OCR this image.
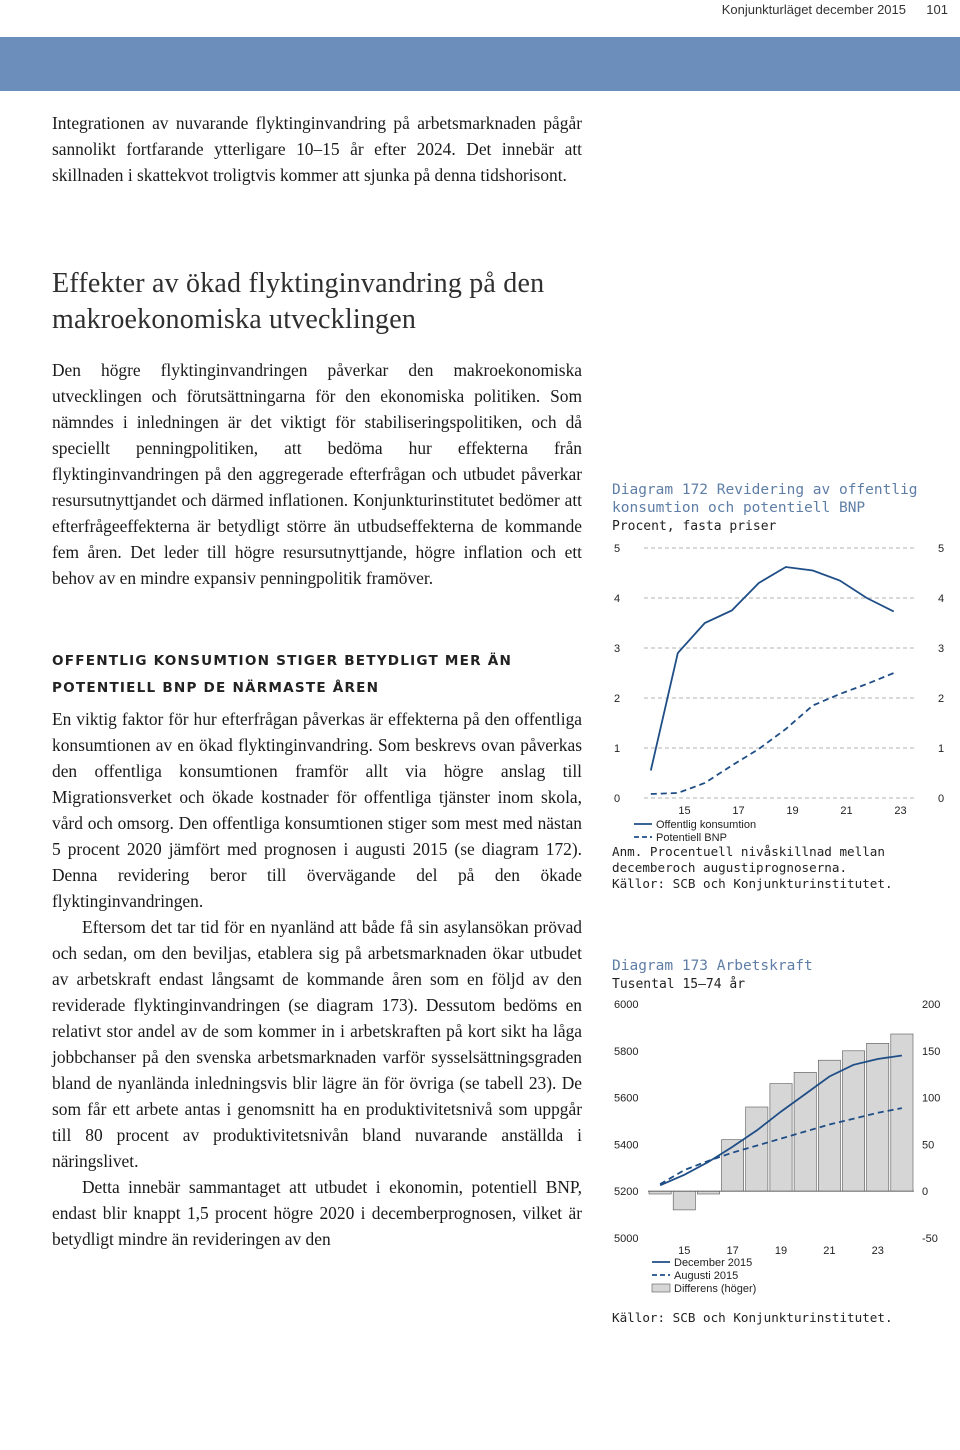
Konjunkturläget december 2015 101
Integrationen av nuvarande flyktinginvandring på arbetsmarknaden pågår sannolikt fortfarande ytterligare 10–15 år efter 2024. Det innebär att skillnaden i skattekvot troligtvis kommer att sjunka på denna tidshorisont.
Effekter av ökad flyktinginvandring på den makroekonomiska utvecklingen
Den högre flyktinginvandringen påverkar den makroekonomiska utvecklingen och förutsättningarna för den ekonomiska politiken. Som nämndes i inledningen är det viktigt för stabiliseringspolitiken, och då speciellt penningpolitiken, att bedöma hur effekterna från flyktinginvandringen på den aggregerade efterfrågan och utbudet påverkar resursutnyttjandet och därmed inflationen. Konjunkturinstitutet bedömer att efterfrågeeffekterna är betydligt större än utbudseffekterna de kommande fem åren. Det leder till högre resursutnyttjande, högre inflation och ett behov av en mindre expansiv penningpolitik framöver.
OFFENTLIG KONSUMTION STIGER BETYDLIGT MER ÄN POTENTIELL BNP DE NÄRMASTE ÅREN

En viktig faktor för hur efterfrågan påverkas är effekterna på den offentliga konsumtionen av en ökad flyktinginvandring. Som beskrevs ovan påverkas den offentliga konsumtionen framför allt via högre anslag till Migrationsverket och ökade kostnader för offentliga tjänster inom skola, vård och omsorg. Den offentliga konsumtionen stiger som mest med nästan 5 procent 2020 jämfört med prognosen i augusti 2015 (se diagram 172). Denna revidering beror till övervägande del på den ökade flyktinginvandringen.

Eftersom det tar tid för en nyanländ att både få sin asylansökan prövad och sedan, om den beviljas, etablera sig på arbetsmarknaden ökar utbudet av arbetskraft endast långsamt de kommande åren som en följd av den reviderade flyktinginvandringen (se diagram 173). Dessutom bedöms en relativt stor andel av de som kommer in i arbetskraften på kort sikt ha låga jobbchanser på den svenska arbetsmarknaden varför sysselsättningsgraden bland de nyanlända inledningsvis blir lägre än för övriga (se tabell 23). De som får ett arbete antas i genomsnitt ha en produktivitetsnivå som uppgår till 80 procent av produktivitetsnivån bland nuvarande anställda i näringslivet.

Detta innebär sammantaget att utbudet i ekonomin, potentiell BNP, endast blir knappt 1,5 procent högre 2020 i decemberprognosen, vilket är betydligt mindre än revideringen av den

Diagram 172 Revidering av offentlig konsumtion och potentiell BNP
Procent, fasta priser
0
1
2
3
4
5
0
1
2
3
4
5
15	17	19	21	23
Offentlig konsumtion
Potentiell BNP
Anm. Procentuell nivåskillnad mellan decemberoch augustiprognoserna.
Källor: SCB och Konjunkturinstitutet.
Diagram 173 Arbetskraft
Tusental 15–74 år
5000
5200
5400
5600
5800
6000
-50
0
50
100
150
200
15	17	19	21	23
December 2015
Augusti 2015
Differens (höger)
Källor: SCB och Konjunkturinstitutet.
